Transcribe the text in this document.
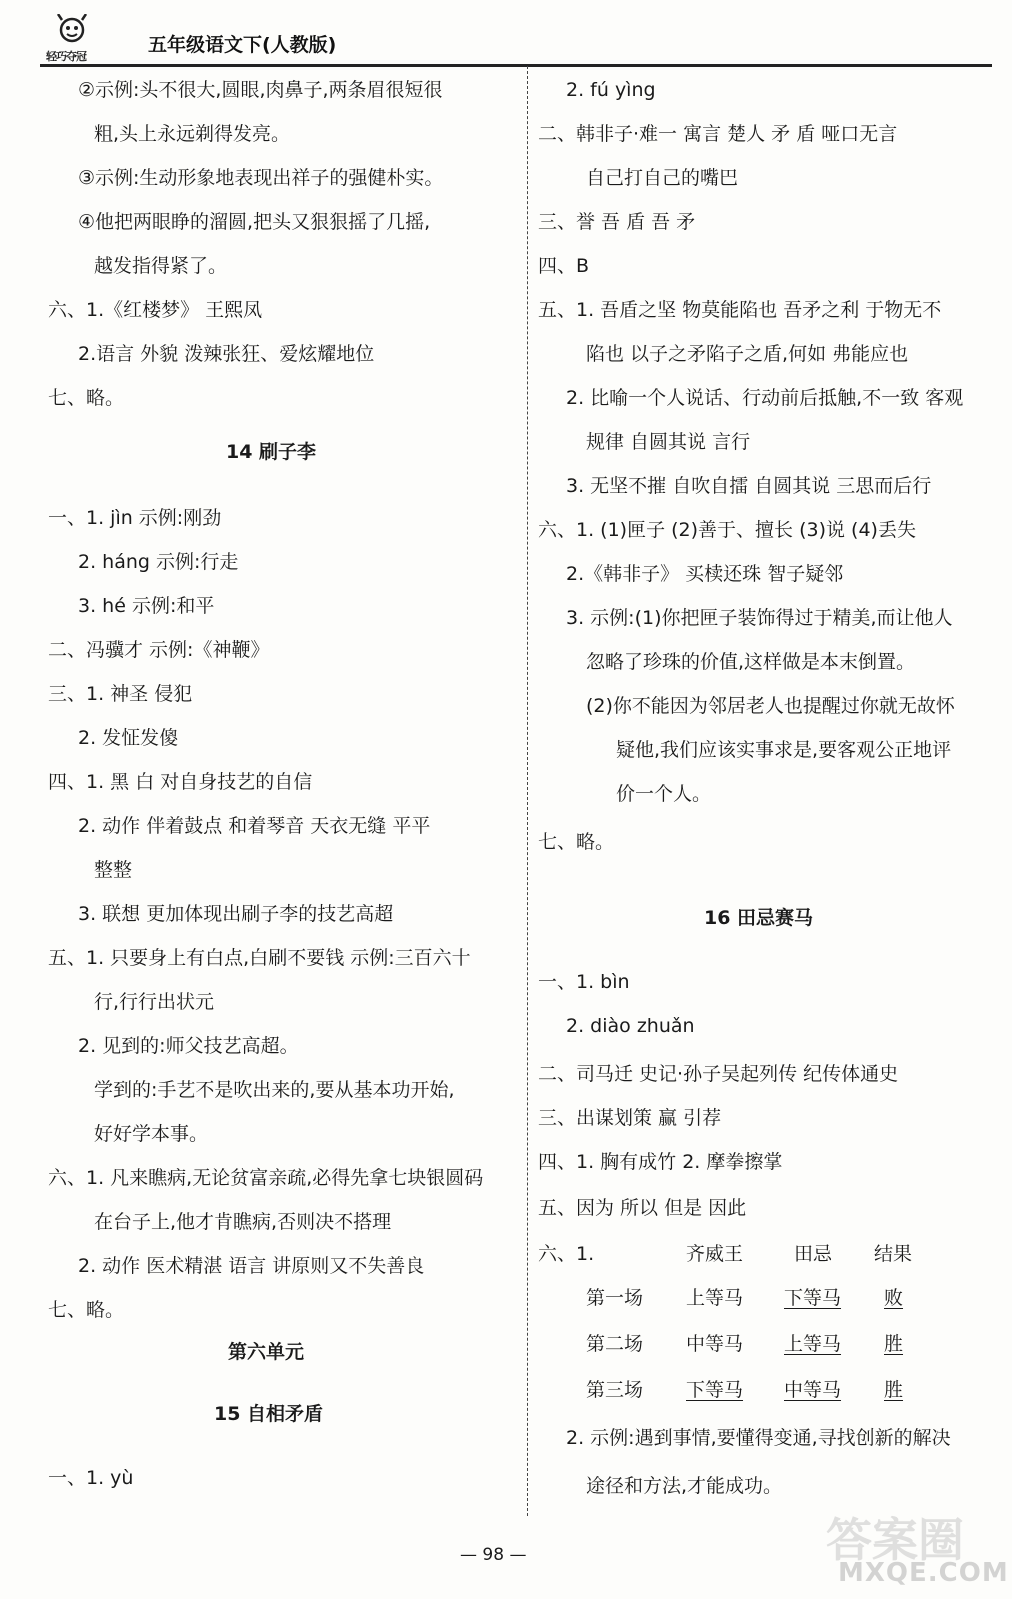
轻巧夺冠
五年级语文下(人教版)
②示例:头不很大,圆眼,肉鼻子,两条眉很短很
粗,头上永远剃得发亮。
③示例:生动形象地表现出祥子的强健朴实。
④他把两眼睁的溜圆,把头又狠狠摇了几摇,
越发指得紧了。
六、1.《红楼梦》 王熙凤
2.语言 外貌 泼辣张狂、爱炫耀地位
七、略。
14 刷子李
一、1. jìn 示例:刚劲
2. háng 示例:行走
3. hé 示例:和平
二、冯骥才 示例:《神鞭》
三、1. 神圣 侵犯
2. 发怔发傻
四、1. 黑 白 对自身技艺的自信
2. 动作 伴着鼓点 和着琴音 天衣无缝 平平
整整
3. 联想 更加体现出刷子李的技艺高超
五、1. 只要身上有白点,白刷不要钱 示例:三百六十
行,行行出状元
2. 见到的:师父技艺高超。
学到的:手艺不是吹出来的,要从基本功开始,
好好学本事。
六、1. 凡来瞧病,无论贫富亲疏,必得先拿七块银圆码
在台子上,他才肯瞧病,否则决不搭理
2. 动作 医术精湛 语言 讲原则又不失善良
七、略。
第六单元
15 自相矛盾
一、1. yù
2. fú yìng
二、韩非子·难一 寓言 楚人 矛 盾 哑口无言
自己打自己的嘴巴
三、誉 吾 盾 吾 矛
四、B
五、1. 吾盾之坚 物莫能陷也 吾矛之利 于物无不
陷也 以子之矛陷子之盾,何如 弗能应也
2. 比喻一个人说话、行动前后抵触,不一致 客观
规律 自圆其说 言行
3. 无坚不摧 自吹自擂 自圆其说 三思而后行
六、1. (1)匣子 (2)善于、擅长 (3)说 (4)丢失
2.《韩非子》 买椟还珠 智子疑邻
3. 示例:(1)你把匣子装饰得过于精美,而让他人
忽略了珍珠的价值,这样做是本末倒置。
(2)你不能因为邻居老人也提醒过你就无故怀
疑他,我们应该实事求是,要客观公正地评
价一个人。
七、略。
16 田忌赛马
一、1. bìn
2. diào zhuǎn
二、司马迁 史记·孙子吴起列传 纪传体通史
三、出谋划策 赢 引荐
四、1. 胸有成竹 2. 摩拳擦掌
五、因为 所以 但是 因此
六、1.
2. 示例:遇到事情,要懂得变通,寻找创新的解决
途径和方法,才能成功。
齐威王	田忌 结果
第一场 上等马 下等马 败
第二场 中等马 上等马 胜
第三场 下等马 中等马 胜
— 98 —	答案圈
MXQE.COM
